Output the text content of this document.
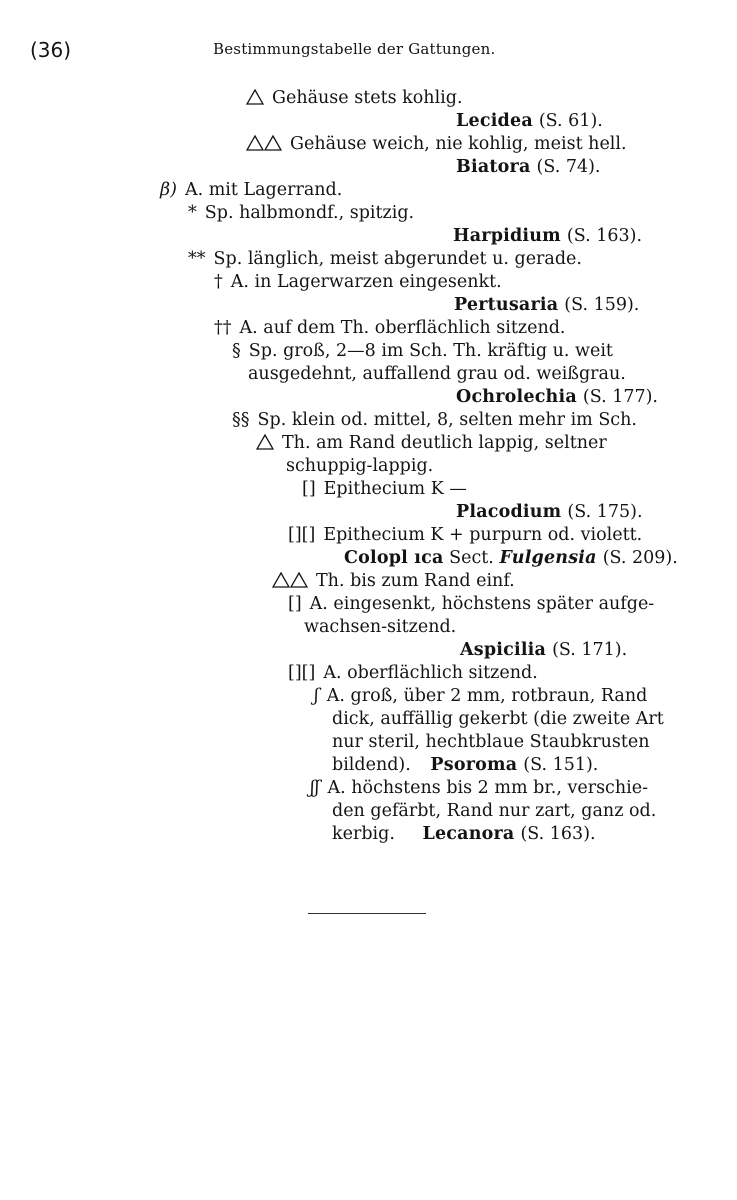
(36)	Bestimmungstabelle der Gattungen.
Gehäuse stets kohlig.
Lecidea (S. 61).
Gehäuse weich, nie kohlig, meist hell.
Biatora (S. 74).
β) A. mit Lagerrand.
* Sp. halbmondf., spitzig.
Harpidium (S. 163).
** Sp. länglich, meist abgerundet u. gerade.
† A. in Lagerwarzen eingesenkt.
Pertusaria (S. 159).
†† A. auf dem Th. oberflächlich sitzend.
§ Sp. groß, 2—8 im Sch. Th. kräftig u. weit
ausgedehnt, auffallend grau od. weißgrau.
Ochrolechia (S. 177).
§§ Sp. klein od. mittel, 8, selten mehr im Sch.
Th. am Rand deutlich lappig, seltner
schuppig-lappig.
[] Epithecium K —
Placodium (S. 175).
[][] Epithecium K + purpurn od. violett.
Colopl ıca Sect. Fulgensia (S. 209).
Th. bis zum Rand einf.
[] A. eingesenkt, höchstens später aufge-
wachsen-sitzend.
Aspicilia (S. 171).
[][] A. oberflächlich sitzend.
ʃ A. groß, über 2 mm, rotbraun, Rand
dick, auffällig gekerbt (die zweite Art
nur steril, hechtblaue Staubkrusten
bildend). Psoroma (S. 151).
ʃʃ A. höchstens bis 2 mm br., verschie-
den gefärbt, Rand nur zart, ganz od.
kerbig. Lecanora (S. 163).
